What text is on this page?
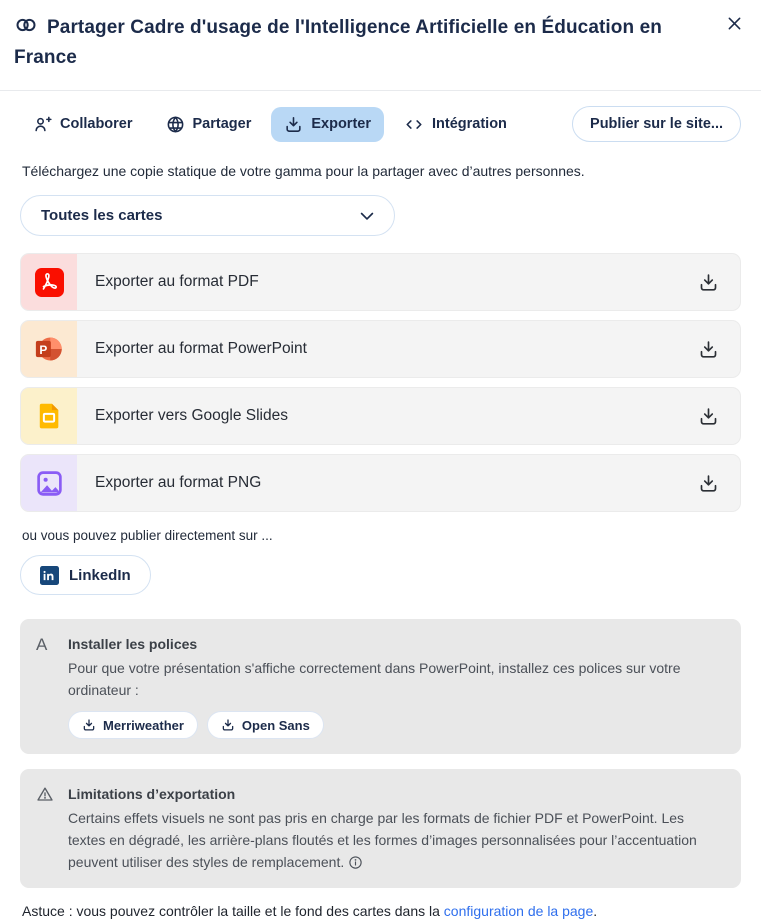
Partager Cadre d'usage de l'Intelligence Artificielle en Éducation en France
Collaborer	Partager	Exporter	Intégration	Publier sur le site...

Téléchargez une copie statique de votre gamma pour la partager avec d’autres personnes.

Toutes les cartes
Exporter au format PDF
P	Exporter au format PowerPoint
Exporter vers Google Slides
Exporter au format PNG

ou vous pouvez publier directement sur ...

LinkedIn
A	Installer les polices
Pour que votre présentation s'affiche correctement dans PowerPoint, installez ces polices sur votre ordinateur :
Merriweather	Open Sans
Limitations d’exportation
Certains effets visuels ne sont pas pris en charge par les formats de fichier PDF et PowerPoint. Les textes en dégradé, les arrière-plans floutés et les formes d’images personnalisées pour l’accentuation peuvent utiliser des styles de remplacement.

Astuce : vous pouvez contrôler la taille et le fond des cartes dans la configuration de la page.
